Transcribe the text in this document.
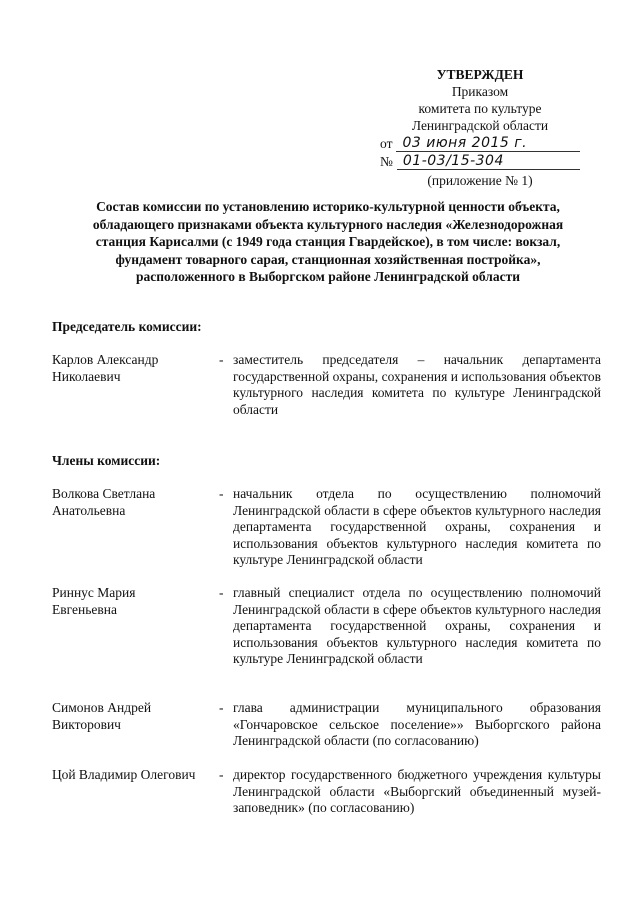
УТВЕРЖДЕН
Приказом
комитета по культуре
Ленинградской области
от 03 июня 2015 г.
№ 01-03/15-304
(приложение № 1)
Состав комиссии по установлению историко-культурной ценности объекта, обладающего признаками объекта культурного наследия «Железнодорожная станция Карисалми (с 1949 года станция Гвардейское), в том числе: вокзал, фундамент товарного сарая, станционная хозяйственная постройка», расположенного в Выборгском районе Ленинградской области
Председатель комиссии:
Карлов Александр Николаевич
- заместитель председателя – начальник департамента государственной охраны, сохранения и использования объектов культурного наследия комитета по культуре Ленинградской области
Члены комиссии:
Волкова Светлана Анатольевна
- начальник отдела по осуществлению полномочий Ленинградской области в сфере объектов культурного наследия департамента государственной охраны, сохранения и использования объектов культурного наследия комитета по культуре Ленинградской области
Риннус Мария Евгеньевна
- главный специалист отдела по осуществлению полномочий Ленинградской области в сфере объектов культурного наследия департамента государственной охраны, сохранения и использования объектов культурного наследия комитета по культуре Ленинградской области
Симонов Андрей Викторович
- глава администрации муниципального образования «Гончаровское сельское поселение»» Выборгского района Ленинградской области (по согласованию)
Цой Владимир Олегович	- директор государственного бюджетного учреждения культуры Ленинградской области «Выборгский объединенный музей-заповедник» (по согласованию)
